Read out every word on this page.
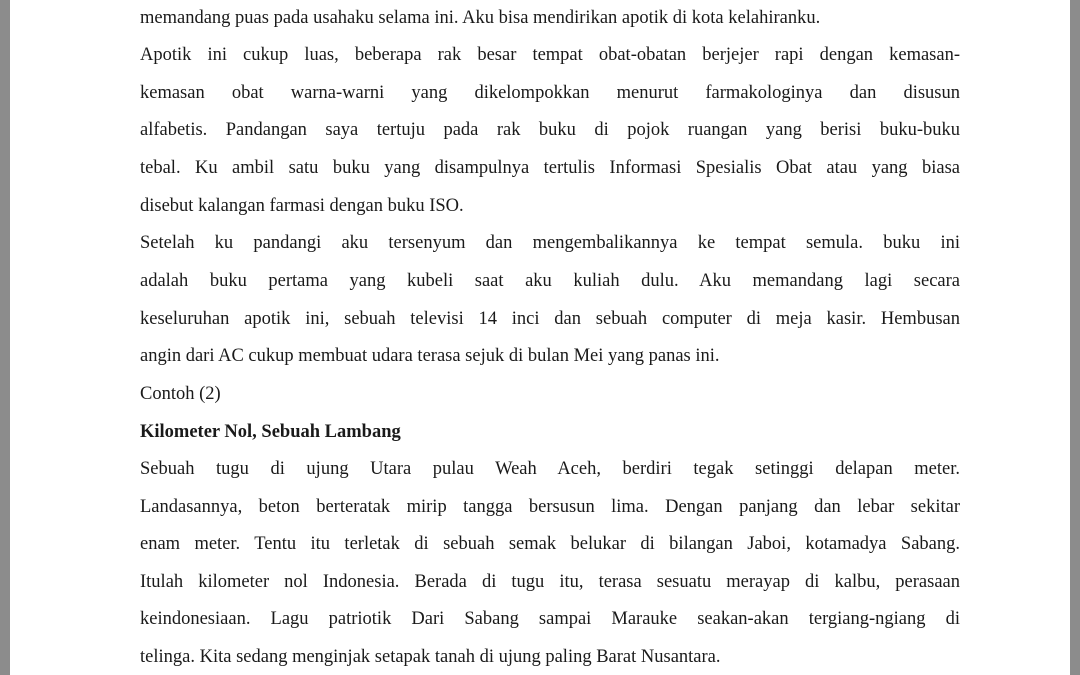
memandang puas pada usahaku selama ini. Aku bisa mendirikan apotik di kota kelahiranku.
Apotik ini cukup luas, beberapa rak besar tempat obat-obatan berjejer rapi dengan kemasan-
kemasan obat warna-warni yang dikelompokkan menurut farmakologinya dan disusun
alfabetis. Pandangan saya tertuju pada rak buku di pojok ruangan yang berisi buku-buku
tebal. Ku ambil satu buku yang disampulnya tertulis Informasi Spesialis Obat atau yang biasa
disebut kalangan farmasi dengan buku ISO.
Setelah ku pandangi aku tersenyum dan mengembalikannya ke tempat semula. buku ini
adalah buku pertama yang kubeli saat aku kuliah dulu. Aku memandang lagi secara
keseluruhan apotik ini, sebuah televisi 14 inci dan sebuah computer di meja kasir. Hembusan
angin dari AC cukup membuat udara terasa sejuk di bulan Mei yang panas ini.
Contoh (2)
Kilometer Nol, Sebuah Lambang
Sebuah tugu di ujung Utara pulau Weah Aceh, berdiri tegak setinggi delapan meter.
Landasannya, beton berteratak mirip tangga bersusun lima. Dengan panjang dan lebar sekitar
enam meter. Tentu itu terletak di sebuah semak belukar di bilangan Jaboi, kotamadya Sabang.
Itulah kilometer nol Indonesia. Berada di tugu itu, terasa sesuatu merayap di kalbu, perasaan
keindonesiaan. Lagu patriotik Dari Sabang sampai Marauke seakan-akan tergiang-ngiang di
telinga. Kita sedang menginjak setapak tanah di ujung paling Barat Nusantara.
